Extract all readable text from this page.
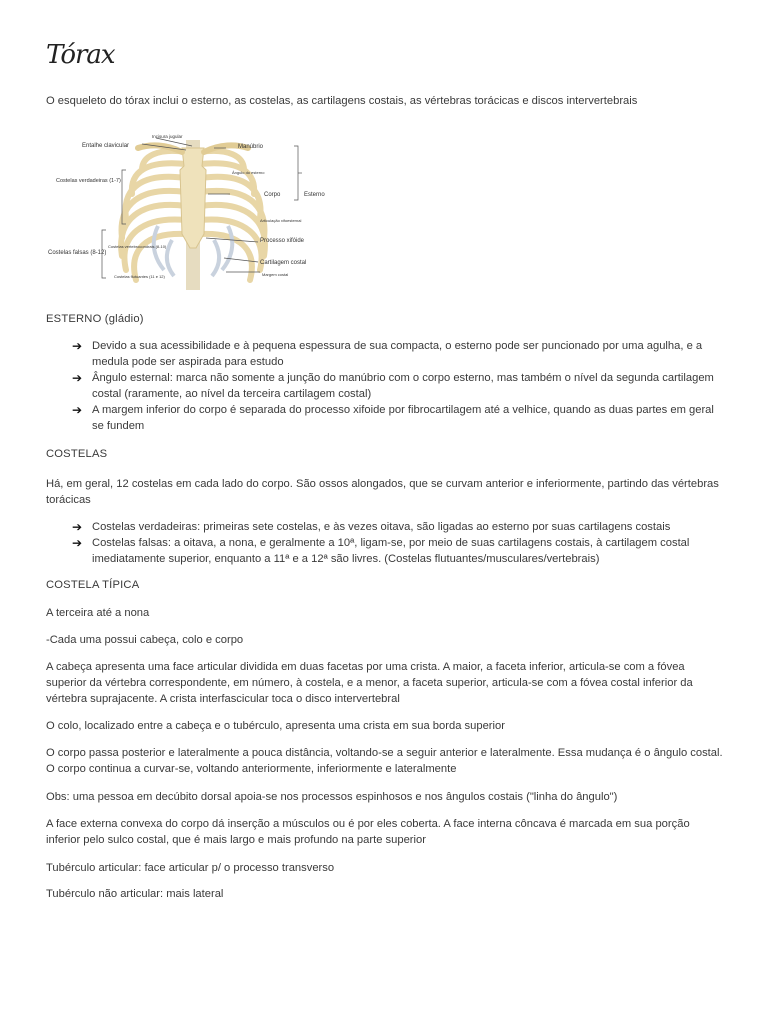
Tórax

O esqueleto do tórax inclui o esterno, as costelas, as cartilagens costais, as vértebras torácicas e discos intervertebrais

Incisura jugular
Entalhe clavicular	Manúbrio
Costelas verdadeiras (1-7)
Ângulo do esterno
Corpo	Esterno
Articulação xifoesternal
Costelas vertebrocondrais (8-10)
Costelas falsas (8-12)
Processo xifóide
Cartilagem costal
Costelas flutuantes (11 e 12)	Margem costal

ESTERNO (gládio)

➔ Devido a sua acessibilidade e à pequena espessura de sua compacta, o esterno pode ser puncionado por uma agulha, e a medula pode ser aspirada para estudo
➔ Ângulo esternal: marca não somente a junção do manúbrio com o corpo esterno, mas também o nível da segunda cartilagem costal (raramente, ao nível da terceira cartilagem costal)
➔ A margem inferior do corpo é separada do processo xifoide por fibrocartilagem até a velhice, quando as duas partes em geral se fundem

COSTELAS

Há, em geral, 12 costelas em cada lado do corpo. São ossos alongados, que se curvam anterior e inferiormente, partindo das vértebras torácicas

➔ Costelas verdadeiras: primeiras sete costelas, e às vezes oitava, são ligadas ao esterno por suas cartilagens costais
➔ Costelas falsas: a oitava, a nona, e geralmente a 10ª, ligam-se, por meio de suas cartilagens costais, à cartilagem costal imediatamente superior, enquanto a 11ª e a 12ª são livres. (Costelas flutuantes/musculares/vertebrais)

COSTELA TÍPICA

A terceira até a nona

-Cada uma possui cabeça, colo e corpo

A cabeça apresenta uma face articular dividida em duas facetas por uma crista. A maior, a faceta inferior, articula-se com a fóvea superior da vértebra correspondente, em número, à costela, e a menor, a faceta superior, articula-se com a fóvea costal inferior da vértebra suprajacente. A crista interfascicular toca o disco intervertebral

O colo, localizado entre a cabeça e o tubérculo, apresenta uma crista em sua borda superior

O corpo passa posterior e lateralmente a pouca distância, voltando-se a seguir anterior e lateralmente. Essa mudança é o ângulo costal. O corpo continua a curvar-se, voltando anteriormente, inferiormente e lateralmente

Obs: uma pessoa em decúbito dorsal apoia-se nos processos espinhosos e nos ângulos costais ("linha do ângulo")

A face externa convexa do corpo dá inserção a músculos ou é por eles coberta. A face interna côncava é marcada em sua porção inferior pelo sulco costal, que é mais largo e mais profundo na parte superior

Tubérculo articular: face articular p/ o processo transverso

Tubérculo não articular: mais lateral
